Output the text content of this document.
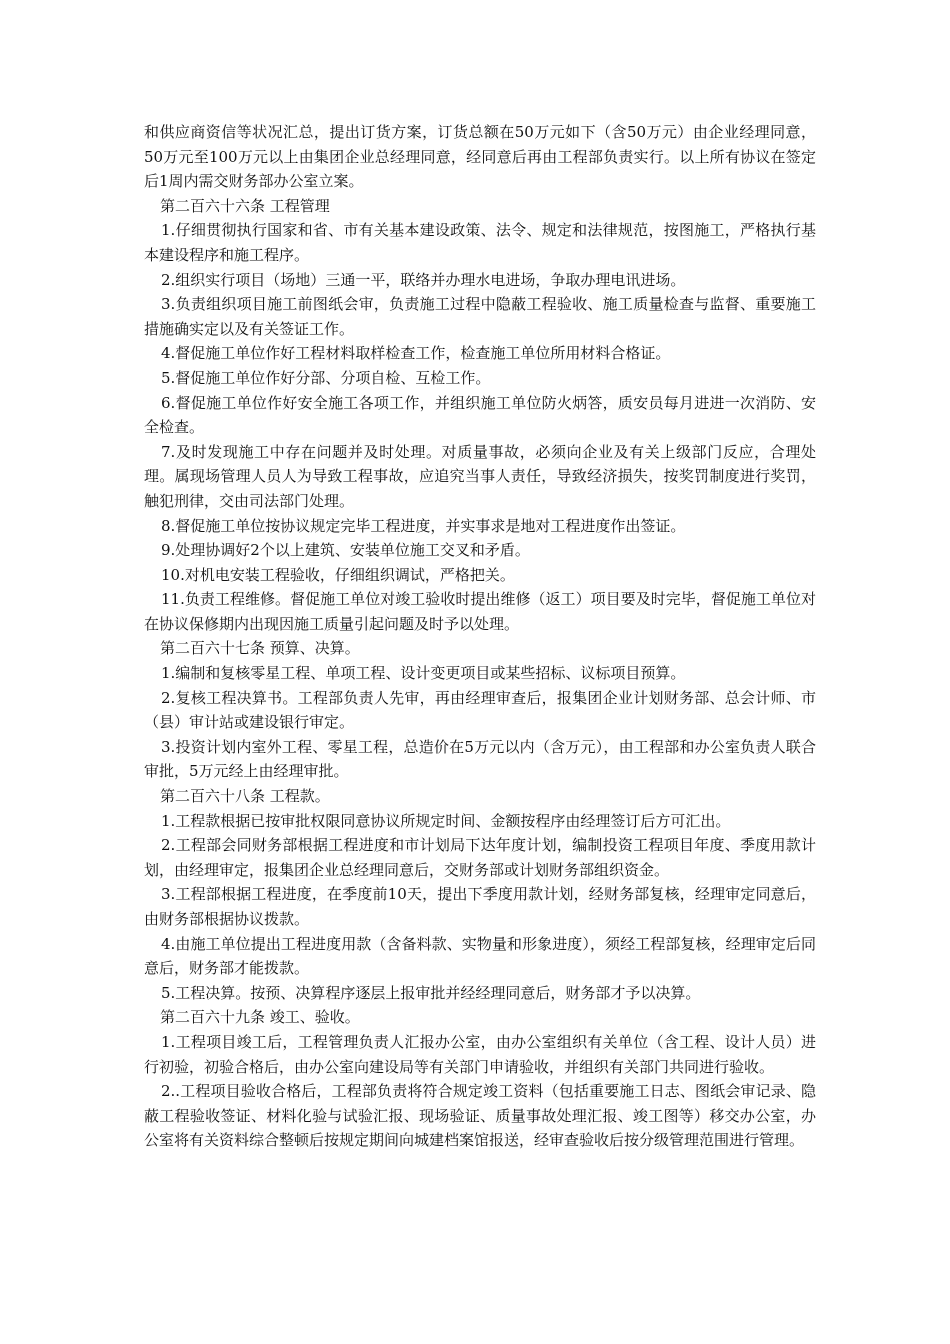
和供应商资信等状况汇总，提出订货方案，订货总额在50万元如下（含50万元）由企业经理同意，50万元至100万元以上由集团企业总经理同意，经同意后再由工程部负责实行。以上所有协议在签定后1周内需交财务部办公室立案。

第二百六十六条 工程管理

1.仔细贯彻执行国家和省、市有关基本建设政策、法令、规定和法律规范，按图施工，严格执行基本建设程序和施工程序。

2.组织实行项目（场地）三通一平，联络并办理水电进场，争取办理电讯进场。

3.负责组织项目施工前图纸会审，负责施工过程中隐蔽工程验收、施工质量检查与监督、重要施工措施确实定以及有关签证工作。

4.督促施工单位作好工程材料取样检查工作，检查施工单位所用材料合格证。

5.督促施工单位作好分部、分项自检、互检工作。

6.督促施工单位作好安全施工各项工作，并组织施工单位防火炳答，质安员每月进进一次消防、安全检查。

7.及时发现施工中存在问题并及时处理。对质量事故，必须向企业及有关上级部门反应，合理处理。属现场管理人员人为导致工程事故，应追究当事人责任，导致经济损失，按奖罚制度进行奖罚，触犯刑律，交由司法部门处理。

8.督促施工单位按协议规定完毕工程进度，并实事求是地对工程进度作出签证。

9.处理协调好2个以上建筑、安装单位施工交叉和矛盾。

10.对机电安装工程验收，仔细组织调试，严格把关。

11.负责工程维修。督促施工单位对竣工验收时提出维修（返工）项目要及时完毕，督促施工单位对在协议保修期内出现因施工质量引起问题及时予以处理。

第二百六十七条 预算、决算。

1.编制和复核零星工程、单项工程、设计变更项目或某些招标、议标项目预算。

2.复核工程决算书。工程部负责人先审，再由经理审查后，报集团企业计划财务部、总会计师、市（县）审计站或建设银行审定。

3.投资计划内室外工程、零星工程，总造价在5万元以内（含万元），由工程部和办公室负责人联合审批，5万元经上由经理审批。

第二百六十八条 工程款。

1.工程款根据已按审批权限同意协议所规定时间、金额按程序由经理签订后方可汇出。

2.工程部会同财务部根据工程进度和市计划局下达年度计划，编制投资工程项目年度、季度用款计划，由经理审定，报集团企业总经理同意后，交财务部或计划财务部组织资金。

3.工程部根据工程进度，在季度前10天，提出下季度用款计划，经财务部复核，经理审定同意后，由财务部根据协议拨款。

4.由施工单位提出工程进度用款（含备料款、实物量和形象进度），须经工程部复核，经理审定后同意后，财务部才能拨款。

5.工程决算。按预、决算程序逐层上报审批并经经理同意后，财务部才予以决算。

第二百六十九条 竣工、验收。

1.工程项目竣工后，工程管理负责人汇报办公室，由办公室组织有关单位（含工程、设计人员）进行初验，初验合格后，由办公室向建设局等有关部门申请验收，并组织有关部门共同进行验收。

2..工程项目验收合格后，工程部负责将符合规定竣工资料（包括重要施工日志、图纸会审记录、隐蔽工程验收签证、材料化验与试验汇报、现场验证、质量事故处理汇报、竣工图等）移交办公室，办公室将有关资料综合整顿后按规定期间向城建档案馆报送，经审查验收后按分级管理范围进行管理。
